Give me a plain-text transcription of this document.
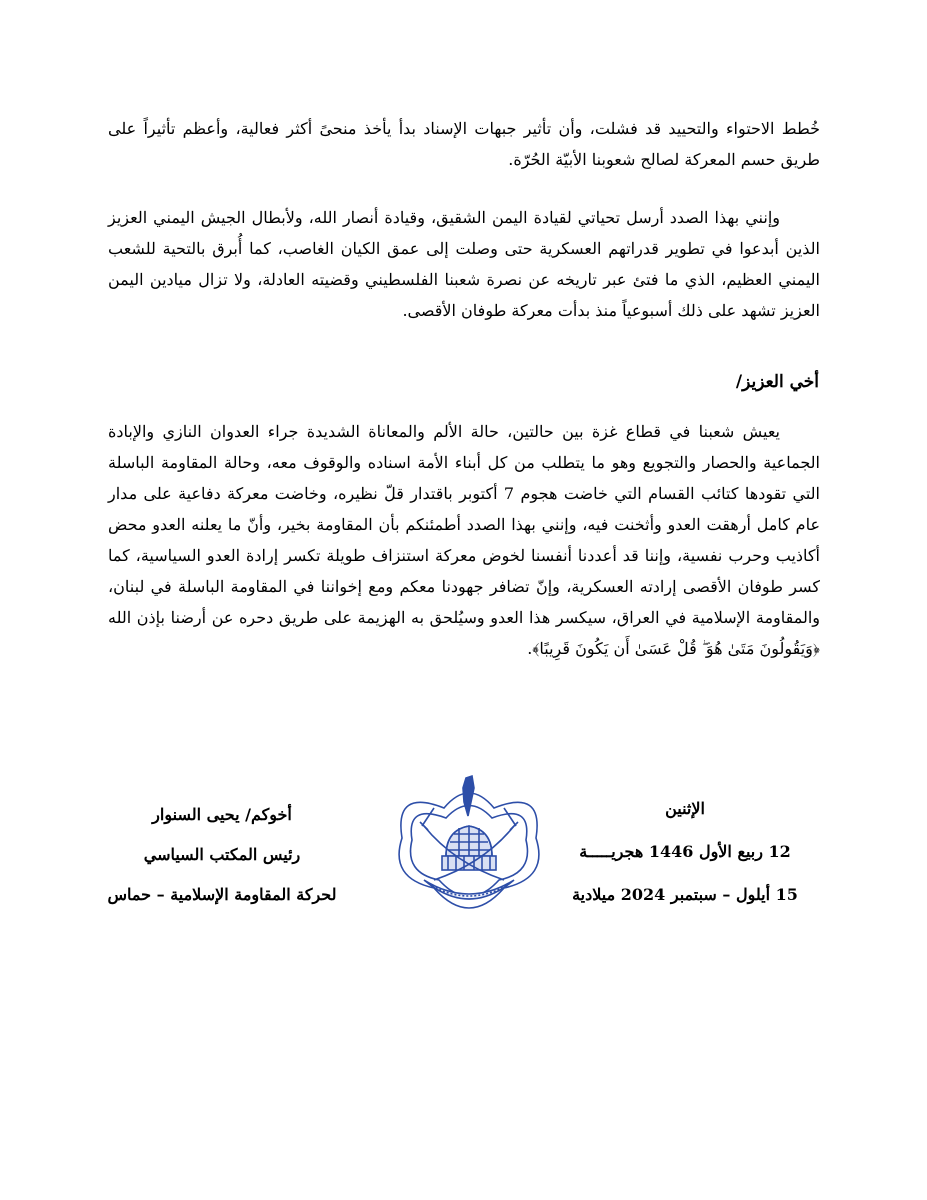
خُطط الاحتواء والتحييد قد فشلت، وأن تأثير جبهات الإسناد بدأ يأخذ منحىً أكثر فعالية، وأعظم تأثيراً على طريق حسم المعركة لصالح شعوبنا الأبيّة الحُرّة.

وإنني بهذا الصدد أرسل تحياتي لقيادة اليمن الشقيق، وقيادة أنصار الله، ولأبطال الجيش اليمني العزيز الذين أبدعوا في تطوير قدراتهم العسكرية حتى وصلت إلى عمق الكيان الغاصب، كما أُبرق بالتحية للشعب اليمني العظيم، الذي ما فتئ عبر تاريخه عن نصرة شعبنا الفلسطيني وقضيته العادلة، ولا تزال ميادين اليمن العزيز تشهد على ذلك أسبوعياً منذ بدأت معركة طوفان الأقصى.

أخي العزيز/

يعيش شعبنا في قطاع غزة بين حالتين، حالة الألم والمعاناة الشديدة جراء العدوان النازي والإبادة الجماعية والحصار والتجويع وهو ما يتطلب من كل أبناء الأمة اسناده والوقوف معه، وحالة المقاومة الباسلة التي تقودها كتائب القسام التي خاضت هجوم 7 أكتوبر باقتدار قلّ نظيره، وخاضت معركة دفاعية على مدار عام كامل أرهقت العدو وأثخنت فيه، وإنني بهذا الصدد أطمئنكم بأن المقاومة بخير، وأنّ ما يعلنه العدو محض أكاذيب وحرب نفسية، وإننا قد أعددنا أنفسنا لخوض معركة استنزاف طويلة تكسر إرادة العدو السياسية، كما كسر طوفان الأقصى إرادته العسكرية، وإنّ تضافر جهودنا معكم ومع إخواننا في المقاومة الباسلة في لبنان، والمقاومة الإسلامية في العراق، سيكسر هذا العدو وسيُلحق به الهزيمة على طريق دحره عن أرضنا بإذن الله ﴿وَيَقُولُونَ مَتَىٰ هُوَ ۖ قُلْ عَسَىٰ أَن يَكُونَ قَرِيبًا﴾.

الإثنين
12 ربيع الأول 1446 هجريـــــة
15 أيلول – سبتمبر 2024 ميلادية
أخوكم/ يحيى السنوار
رئيس المكتب السياسي
لحركة المقاومة الإسلامية – حماس
